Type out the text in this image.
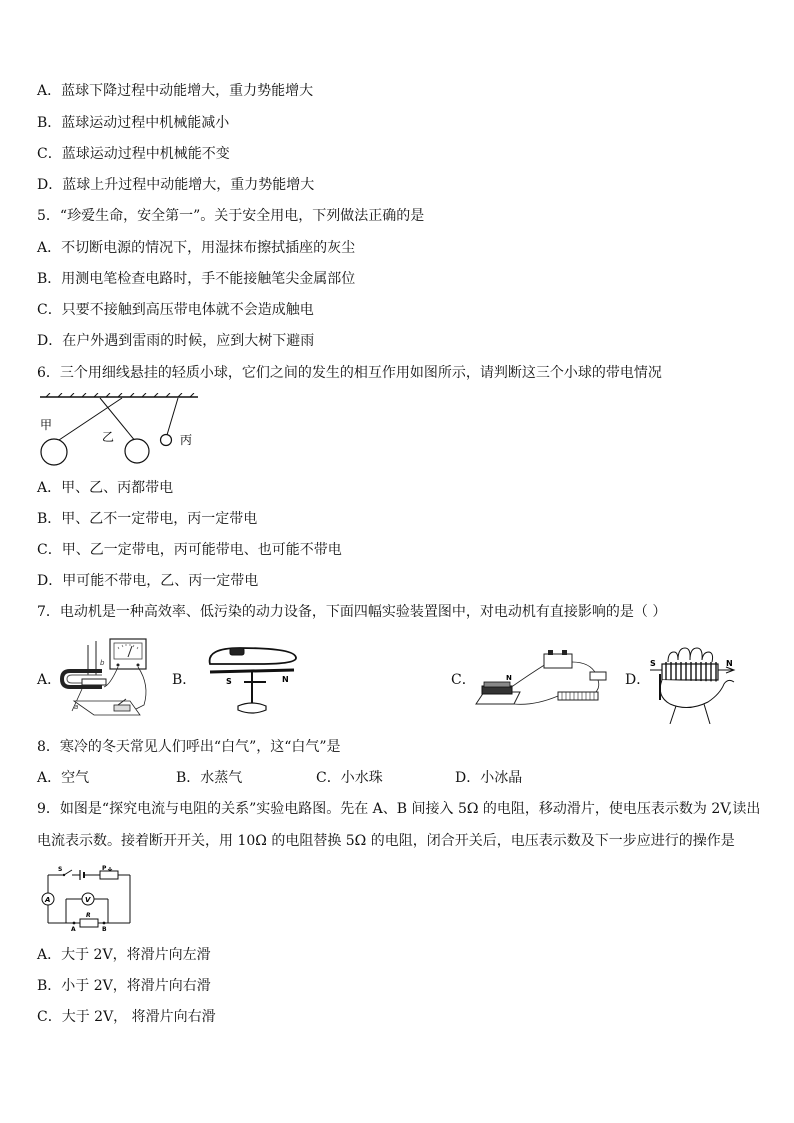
A．蓝球下降过程中动能增大，重力势能增大
B．蓝球运动过程中机械能减小
C．蓝球运动过程中机械能不变
D．蓝球上升过程中动能增大，重力势能增大
5．“珍爱生命，安全第一”。关于安全用电，下列做法正确的是
A．不切断电源的情况下，用湿抹布擦拭插座的灰尘
B．用测电笔检查电路时，手不能接触笔尖金属部位
C．只要不接触到高压带电体就不会造成触电
D．在户外遇到雷雨的时候，应到大树下避雨
6．三个用细线悬挂的轻质小球，它们之间的发生的相互作用如图所示，请判断这三个小球的带电情况
甲
乙	丙
A．甲、乙、丙都带电
B．甲、乙不一定带电，丙一定带电
C．甲、乙一定带电，丙可能带电、也可能不带电
D．甲可能不带电，乙、丙一定带电
7．电动机是一种高效率、低污染的动力设备，下面四幅实验装置图中，对电动机有直接影响的是（ ）
A．
a
b
B．	S	N	C．	N	D．
S	N
8．寒冷的冬天常见人们呼出“白气”，这“白气”是
A．空气	B．水蒸气	C．小水珠	D．小冰晶
9．如图是“探究电流与电阻的关系”实验电路图。先在 A、B 间接入 5Ω 的电阻，移动滑片，使电压表示数为 2V,读出
电流表示数。接着断开开关，用 10Ω 的电阻替换 5Ω 的电阻，闭合开关后，电压表示数及下一步应进行的操作是
S	P
A	V
R
A	B
A．大于 2V，将滑片向左滑
B．小于 2V，将滑片向右滑
C．大于 2V， 将滑片向右滑
